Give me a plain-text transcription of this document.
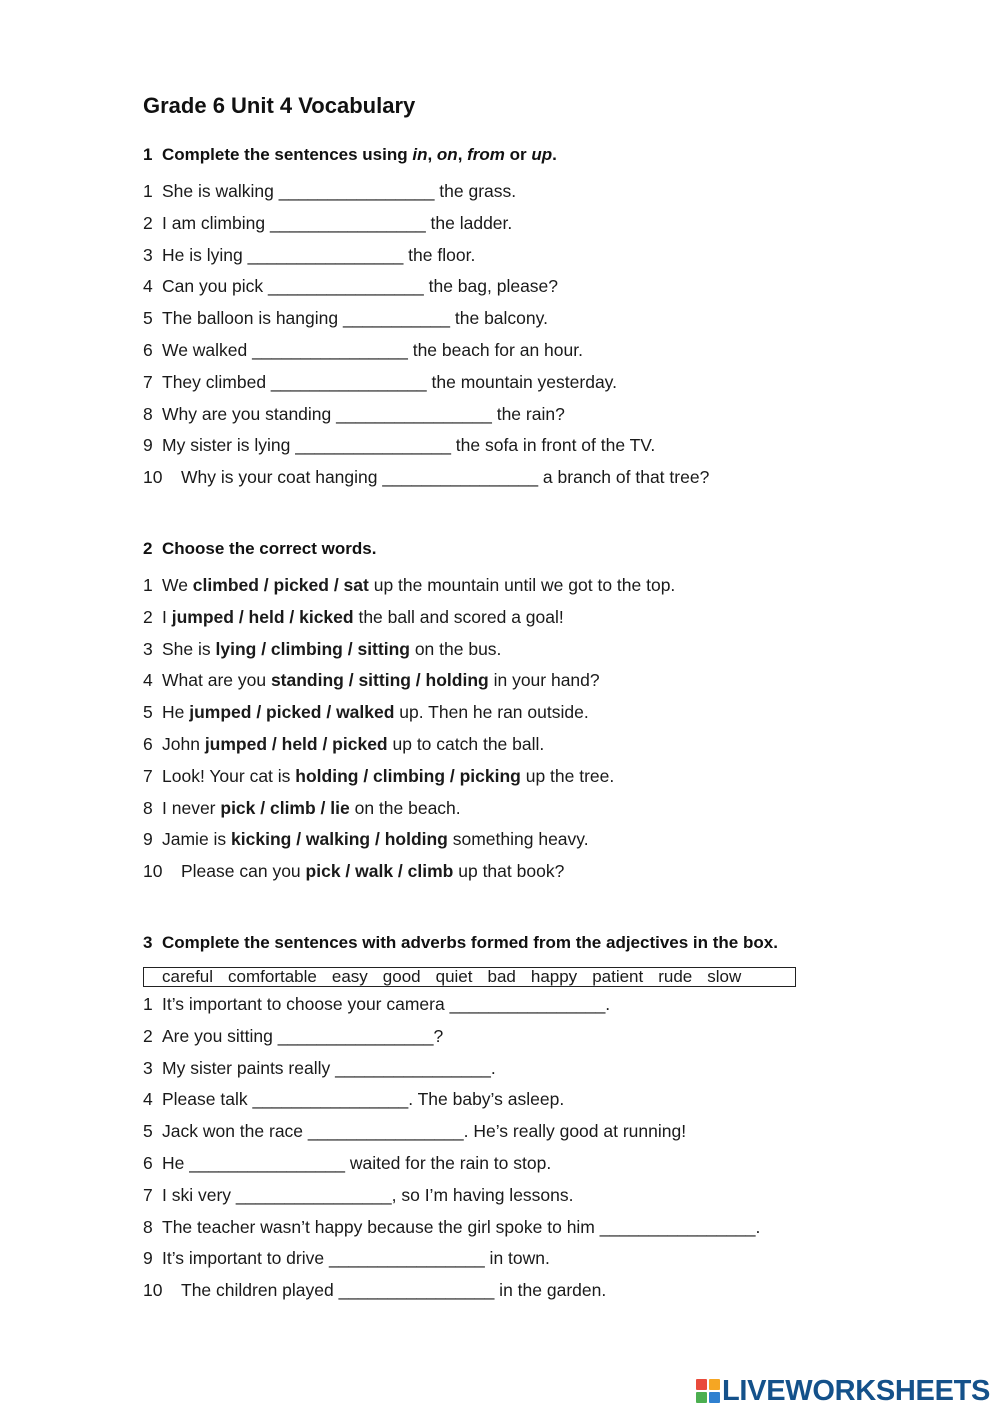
Grade 6 Unit 4 Vocabulary
1 Complete the sentences using in, on, from or up.
1 She is walking ________________ the grass.
2 I am climbing ________________ the ladder.
3 He is lying ________________ the floor.
4 Can you pick ________________ the bag, please?
5 The balloon is hanging ___________ the balcony.
6 We walked ________________ the beach for an hour.
7 They climbed ________________ the mountain yesterday.
8 Why are you standing ________________ the rain?
9 My sister is lying ________________ the sofa in front of the TV.
10 Why is your coat hanging ________________ a branch of that tree?
2 Choose the correct words.
1 We climbed / picked / sat up the mountain until we got to the top.
2 I jumped / held / kicked the ball and scored a goal!
3 She is lying / climbing / sitting on the bus.
4 What are you standing / sitting / holding in your hand?
5 He jumped / picked / walked up. Then he ran outside.
6 John jumped / held / picked up to catch the ball.
7 Look! Your cat is holding / climbing / picking up the tree.
8 I never pick / climb / lie on the beach.
9 Jamie is kicking / walking / holding something heavy.
10 Please can you pick / walk / climb up that book?
3 Complete the sentences with adverbs formed from the adjectives in the box.
careful comfortable easy good quiet bad happy patient rude slow
1 It’s important to choose your camera ________________.
2 Are you sitting ________________?
3 My sister paints really ________________.
4 Please talk ________________. The baby’s asleep.
5 Jack won the race ________________. He’s really good at running!
6 He ________________ waited for the rain to stop.
7 I ski very ________________, so I’m having lessons.
8 The teacher wasn’t happy because the girl spoke to him ________________.
9 It’s important to drive ________________ in town.
10 The children played ________________ in the garden.
LIVEWORKSHEETS
